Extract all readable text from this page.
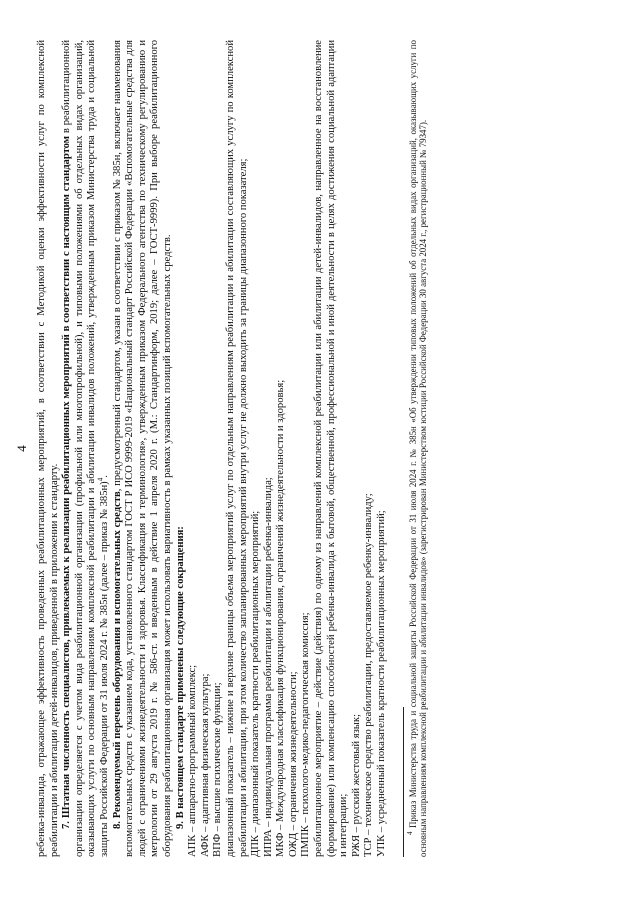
4 ребенка-инвалида, отражающее эффективность проведенных реабилитационных мероприятий, в соответствии с Методикой оценки эффективности услуг по комплексной реабилитации и абилитации детей-инвалидов, приведенной в приложении к стандарту. 7. Штатная численность специалистов, привлекаемых к реализации реабилитационных мероприятий в соответствии с настоящим стандартом в реабилитационной организации определяется с учетом вида реабилитационной организации (профильной или многопрофильной), и типовыми положениями об отдельных видах организаций, оказывающих услуги по основным направлениям комплексной реабилитации и абилитации инвалидов положений, утвержденным приказом Министерства труда и социальной защиты Российской Федерации от 31 июля 2024 г. № 385н (далее – приказ № 385н)$^4$.

8. Рекомендуемый перечень оборудования и вспомогательных средств, предусмотренный стандартом, указан в соответствии с приказом № 385н, включает наименования вспомогательных средств с указанием кода, установленного стандартом ГОСТ Р ИСО 9999-2019 «Национальный стандарт Российской Федерации «Вспомогательные средства для людей с ограничениями жизнедеятельности и здоровья. Классификация и терминология», утвержденным приказом Федерального агентства по техническому регулированию и метрологии от 29 августа 2019 г. № 586-ст. и введенным в действие 1 апреля 2020 г. (М.: Стандартинформ, 2019; далее – ГОСТ-9999). При выборе реабилитационного оборудования реабилитационная организация может использовать вариативность в рамках указанных позиций вспомогательных средств. 9. В настоящем стандарте применены следующие сокращения:

АПК – аппаратно-программный комплекс; АФК – адаптивная физическая культура; ВПФ – высшие психические функции; диапазонный показатель – нижние и верхние границы объема мероприятий услуг по отдельным направлениям реабилитации и абилитации составляющих услугу по комплексной реабилитации и абилитации, при этом количество запланированных мероприятий внутри услуг не должно выходить за границы диапазонного показателя; ДПК – диапазонный показатель кратности реабилитационных мероприятий; ИПРА – индивидуальная программа реабилитации и абилитации ребенка-инвалида; МКФ – Международная классификация функционирования, ограничений жизнедеятельности и здоровья; ОЖД – ограничения жизнедеятельности; ПМПК – психолого-медико-педагогическая комиссия; реабилитационное мероприятие – действие (действия) по одному из направлений комплексной реабилитации или абилитации детей-инвалидов, направленное на восстановление (формирование) или компенсацию способностей ребенка-инвалида к бытовой, общественной, профессиональной и иной деятельности в целях достижения социальной адаптации и интеграции; РЖЯ – русский жестовый язык; ТСР – техническое средство реабилитации, предоставляемое ребенку-инвалиду; УПК – усредненный показатель кратности реабилитационных мероприятий;	$^4$ Приказ Министерства труда и социальной защиты Российской Федерации от 31 июля 2024 г. № 385н «Об утверждении типовых положений об отдельных видах организаций, оказывающих услуги по основным направлениям комплексной реабилитации и абилитации инвалидов» (зарегистрирован Министерством юстиции Российской Федерации 30 августа 2024 г., регистрационный № 79347).
